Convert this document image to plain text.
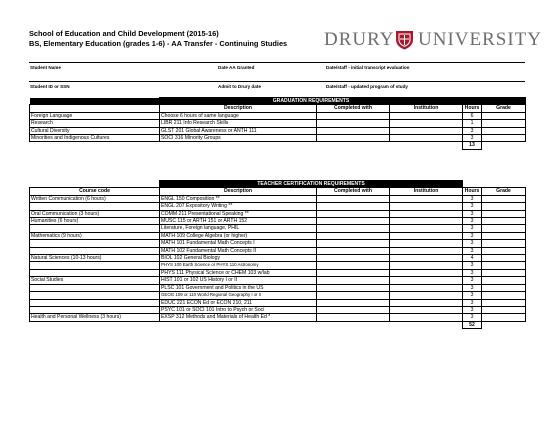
School of Education and Child Development (2015-16)
BS, Elementary Education (grades 1-6) - AA Transfer - Continuing Studies DRURY UNIVERSITY
Student Name	Date AA Granted	Date/staff - initial transcript evaluation
Student ID or SSN	Admit to Drury date	Date/staff - updated program of study
	GRADUATION REQUIREMENTS				
	Description	Completed with	Institution	Hours	Grade
Foreign Language	Choose 6 hours of same language			6	
Research	LIBR 211 Info Research Skills			1	
Cultural Diversity	GLST 201 Global Awareness or ANTH 111			3	
Minorities and Indigenous Cultures	SOCI 316 Minority Groups			3	
				13	
	TEACHER CERTIFICATION REQUIREMENTS				
Course code	Description	Completed with	Institution	Hours	Grade
Written Communication (6 hours)	ENGL 150 Composition **			3	
	ENGL 207 Expository Writing **			3	
Oral Communication (3 hours)	COMM 211 Presentational Speaking **			3	
Humanities (6 hours)	MUSC 115 or ARTH 151 or ARTH 152			3	
	Literature, Foreign language, PHIL			3	
Mathematics (9 hours)	MATH 109 College Algebra (or higher)			3	
	MATH 101 Fundamental Math Concepts I			3	
	MATH 102 Fundamental Math Concepts II			3	
Natural Sciences (10-13 hours)	BIOL 102 General Biology			4	
	PHYS 100 Earth Science or PHYS 110 Astronomy			3	
	PHYS 111 Physical Science or CHEM 103 w/lab			3	
Social Studies	HIST 101 or 102 US History I or II			3	
	PLSC 101 Government and Politics in the US			3	
	GEOG 109 or 110 World Regional Geography I or II			3	
	EDUC 221 ECON Ed or ECON 210, 211			3	
	PSYC 101 or SOCI 101 Intro to Psych or Soci			3	
Health and Personal Wellness (3 hours)	EXSP 312 Methods and Materials of Health Ed *			3	
				52	
